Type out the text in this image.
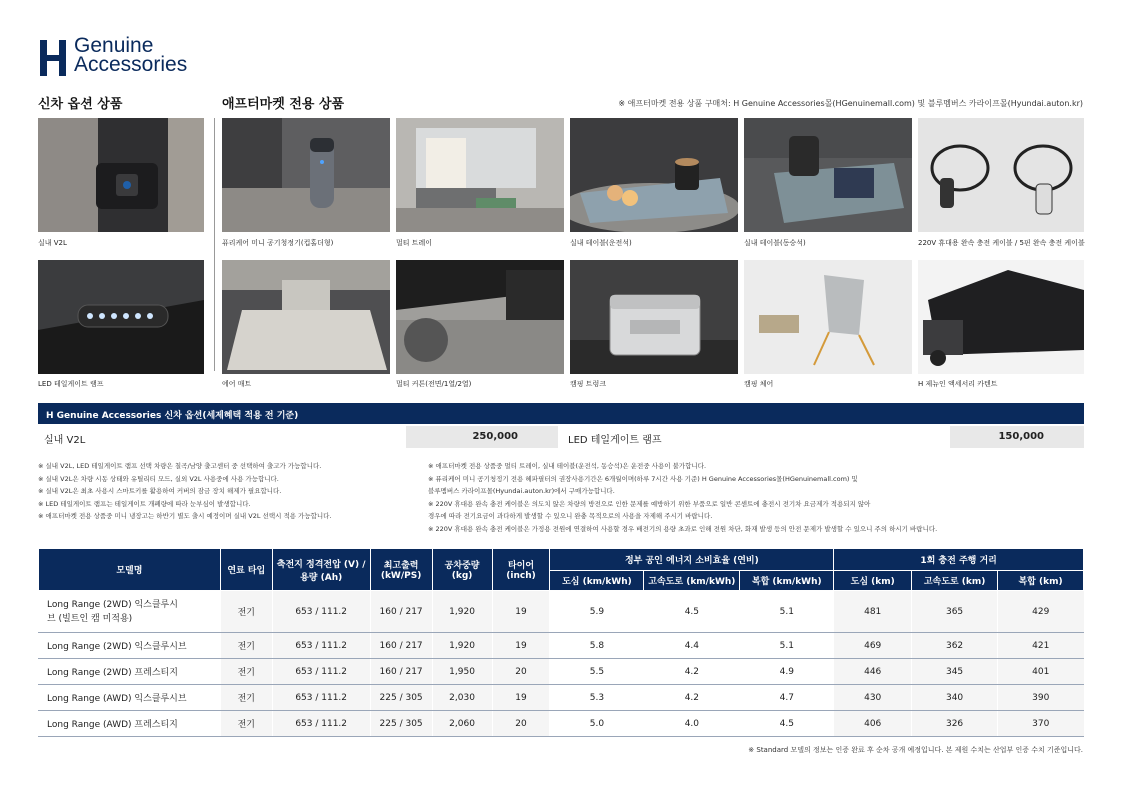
Genuine
Accessories
신차 옵션 상품	애프터마켓 전용 상품	※ 애프터마켓 전용 상품 구매처: H Genuine Accessories몰(HGenuinemall.com) 및 블루멤버스 카라이프몰(Hyundai.auton.kr)
실내 V2L	퓨리케어 미니 공기청정기(컵홀더형)	멀티 트레이	실내 테이블(운전석)	실내 테이블(동승석)	220V 휴대용 완속 충전 케이블 / 5핀 완속 충전 케이블
LED 테일게이트 램프	에어 매트	멀티 커튼(전면/1열/2열)	캠핑 트렁크	캠핑 체어	H 제뉴인 액세서리 카텐트
H Genuine Accessories 신차 옵션(세제혜택 적용 전 기준)
실내 V2L	250,000	LED 테일게이트 램프	150,000
※ 실내 V2L, LED 테일게이트 램프 선택 차량은 칠곡/남양 출고센터 중 선택하여 출고가 가능합니다.
※ 실내 V2L은 차량 시동 상태와 유틸리티 모드, 실외 V2L 사용중에 사용 가능합니다.
※ 실내 V2L은 최초 사용시 스마트키를 활용하여 커버의 잠금 장치 해제가 필요합니다.
※ LED 테일게이트 램프는 테일게이트 개폐량에 따라 눈부심이 발생합니다.
※ 애프터마켓 전용 상품중 미니 냉장고는 하반기 별도 출시 예정이며 실내 V2L 선택시 적용 가능합니다.
※ 애프터마켓 전용 상품중 멀티 트레이, 실내 테이블(운전석, 동승석)은 운전중 사용이 불가합니다.
※ 퓨리케어 미니 공기청정기 전용 헤파필터의 권장사용기간은 6개월이며(하루 7시간 사용 기준) H Genuine Accessories몰(HGenuinemall.com) 및
블루멤버스 카라이프몰(Hyundai.auton.kr)에서 구매가능합니다.
※ 220V 휴대용 완속 충전 케이블은 의도치 않은 차량의 방전으로 인한 문제를 예방하기 위한 부품으로 일반 콘센트에 충전시 전기차 요금제가 적용되지 않아
경우에 따라 전기요금이 과다하게 발생할 수 있으니 완충 목적으로의 사용을 자제해 주시기 바랍니다.
※ 220V 휴대용 완속 충전 케이블은 가정용 전원에 연결하여 사용할 경우 배전기의 용량 초과로 인해 전원 차단, 화재 발생 등의 안전 문제가 발생할 수 있으니 주의 하시기 바랍니다.
모델명	연료 타입	축전지 정격전압 (V) / 용량 (Ah)	최고출력 (kW/PS)	공차중량 (kg)	타이어 (inch)	정부 공인 에너지 소비효율 (연비)			1회 충전 주행 거리		
						도심 (km/kWh)	고속도로 (km/kWh)	복합 (km/kWh)	도심 (km)	고속도로 (km)	복합 (km)
Long Range (2WD) 익스클루시브 (빌트인 캠 미적용)	전기	653 / 111.2	160 / 217	1,920	19	5.9	4.5	5.1	481	365	429
Long Range (2WD) 익스클루시브	전기	653 / 111.2	160 / 217	1,920	19	5.8	4.4	5.1	469	362	421
Long Range (2WD) 프레스티지	전기	653 / 111.2	160 / 217	1,950	20	5.5	4.2	4.9	446	345	401
Long Range (AWD) 익스클루시브	전기	653 / 111.2	225 / 305	2,030	19	5.3	4.2	4.7	430	340	390
Long Range (AWD) 프레스티지	전기	653 / 111.2	225 / 305	2,060	20	5.0	4.0	4.5	406	326	370
※ Standard 모델의 정보는 인증 완료 후 순차 공개 예정입니다. 본 제원 수치는 산업부 인증 수치 기준입니다.
